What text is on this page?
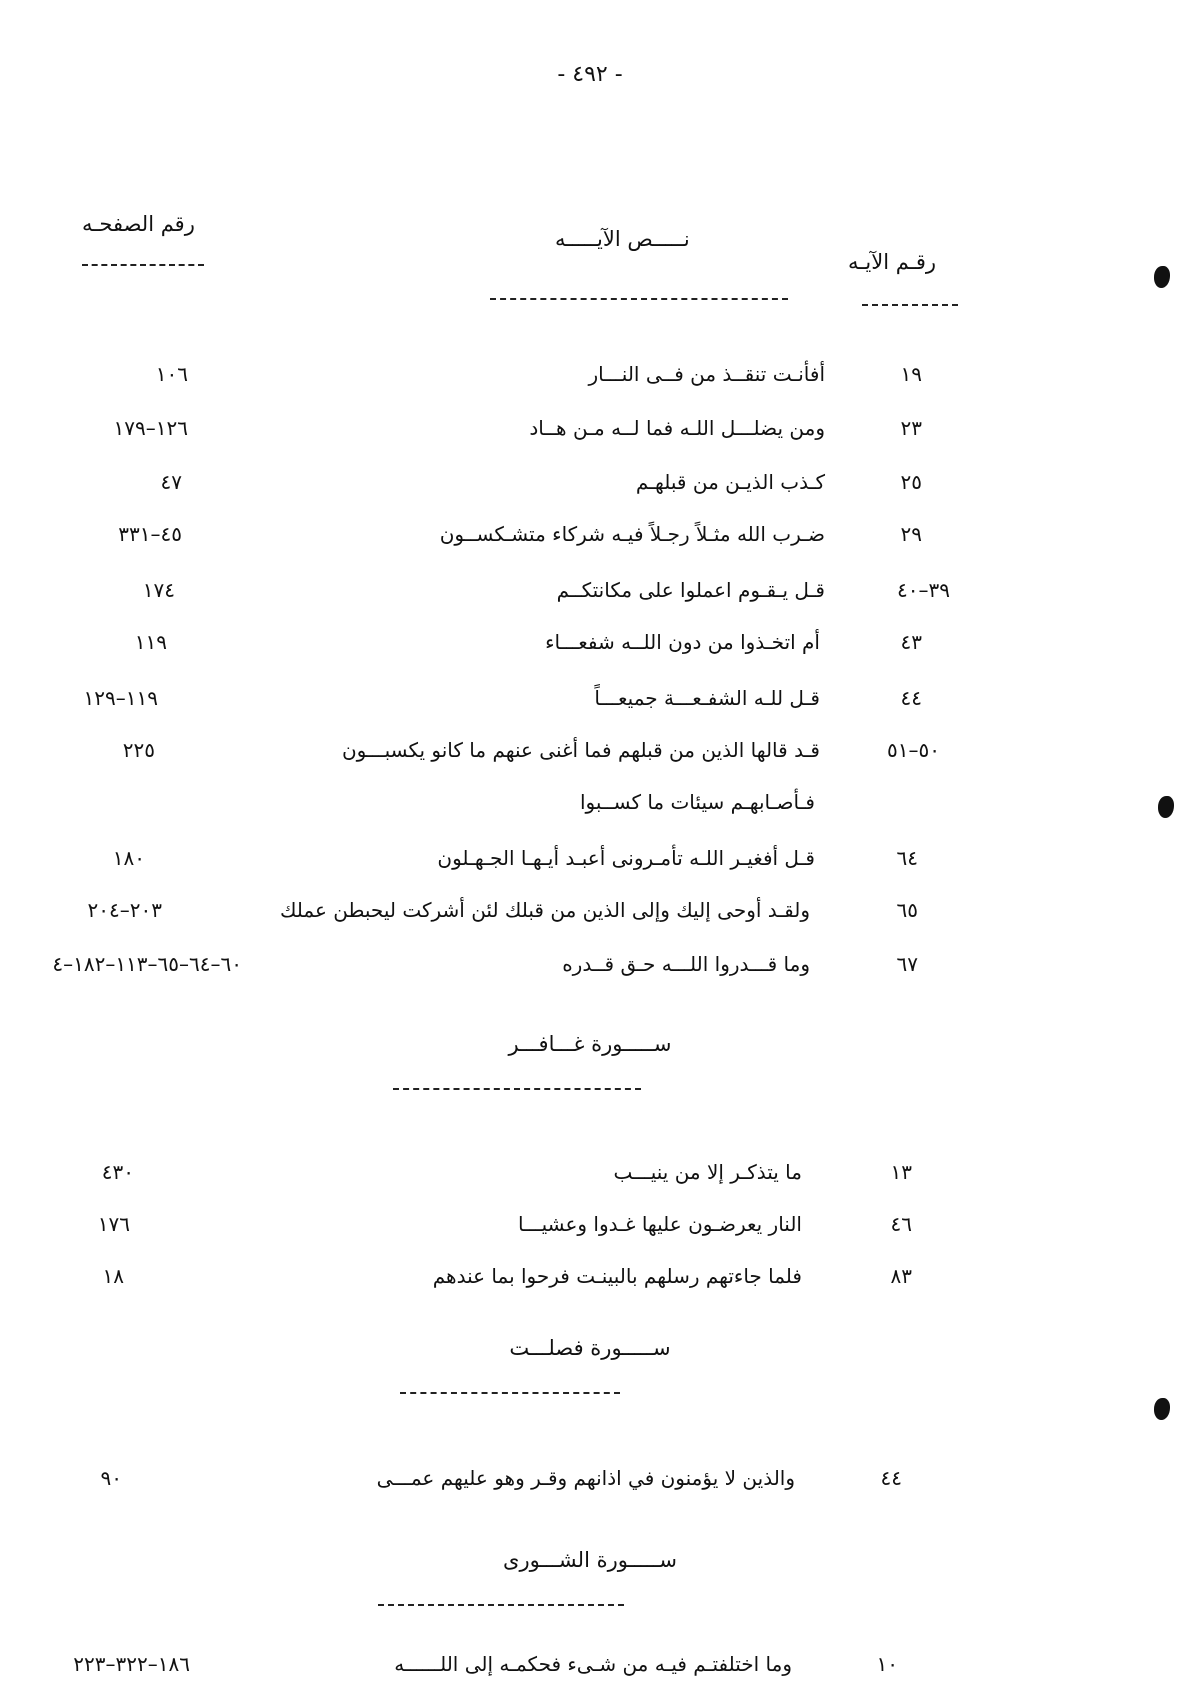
- ٤٩٢ -
رقم الصفحـه
نـــــص الآيـــــه
رقـم الآيـه
١٩
أفأنـت تنقــذ من فــى النـــار
١٠٦
٢٣
ومن يضلـــل اللـه فما لــه مـن هــاد
١٢٦–١٧٩
٢٥
كـذب الذيـن من قبلهـم
٤٧
٢٩
ضـرب الله مثـلاً رجـلاً فيـه شركاء متشـكســون
٤٥–٣٣١
٣٩–٤٠
قـل يـقـوم اعملوا على مكانتكــم
١٧٤
٤٣
أم اتخـذوا من دون اللــه شفعـــاء
١١٩
٤٤
قـل للـه الشفـعـــة جميعـــاً
١١٩–١٢٩
٥٠–٥١
قـد قالها الذين من قبلهم فما أغنى عنهم ما كانو يكسبـــون
٢٢٥
فـأصـابهـم سيئات ما كســبوا
٦٤
قـل أفغيـر اللـه تأمـرونى أعبـد أيـهـا الجـهـلون
١٨٠
٦٥
ولقـد أوحى إليك وإلى الذين من قبلك لئن أشركت ليحبطن عملك
٢٠٣–٢٠٤
٦٧
وما قـــدروا اللـــه حـق قــدره
٦٠–٦٤–٦٥–١١٣–١٨٢–٤
ســـــورة غـــافـــر
١٣
ما يتذكـر إلا من ينيـــب
٤٣٠
٤٦
النار يعرضـون عليها غـدوا وعشيـــا
١٧٦
٨٣
فلما جاءتهم رسلهم بالبينـت فرحوا بما عندهم
١٨
ســـــورة فصلـــت
٤٤
والذين لا يؤمنون في اذانهم وقـر وهو عليهم عمـــى
٩٠
ســـــورة الشـــورى
١٠
وما اختلفتـم فيـه من شـىء فحكمـه إلى اللــــــه
١٨٦–٣٢٢–٢٢٣
